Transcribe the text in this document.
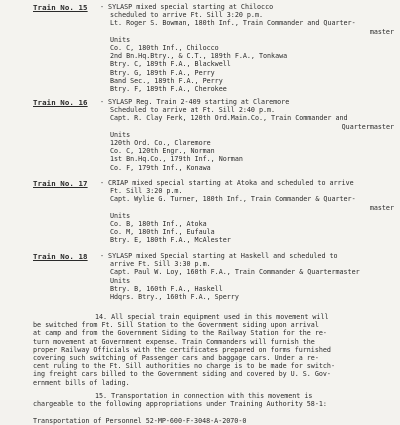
Train No. 15 - SYLASP mixed special starting at Chilocco
scheduled to arrive Ft. Sill 3:20 p.m.
Lt. Roger S. Bowman, 180th Inf., Train Commander and Quarter-
master
Units
Co. C, 180th Inf., Chilocco
2nd Bn.Hq.Btry., & C.T., 189th F.A., Tonkawa
Btry. C, 189th F.A., Blackwell
Btry. G, 189th F.A., Perry
Band Sec., 189th F.A., Perry
Btry. F, 189th F.A., Cherokee
Train No. 16 - SYLASP Reg. Train 2-409 starting at Claremore
Scheduled to arrive at Ft. Sill 2:40 p.m.
Capt. R. Clay Ferk, 120th Ord.Main.Co., Train Commander and
Quartermaster
Units
120th Ord. Co., Claremore
Co. C, 120th Engr., Norman
1st Bn.Hq.Co., 179th Inf., Norman
Co. F, 179th Inf., Konawa
Train No. 17 - CRIAP mixed special starting at Atoka and scheduled to arrive
Ft. Sill 3:20 p.m.
Capt. Wylie G. Turner, 180th Inf., Train Commander & Quarter-
master
Units
Co. B, 180th Inf., Atoka
Co. M, 180th Inf., Eufaula
Btry. E, 180th F.A., McAlester
Train No. 18 - SYLASP mixed Special starting at Haskell and scheduled to
arrive Ft. Sill 3:30 p.m.
Capt. Paul W. Loy, 160th F.A., Train Commander & Quartermaster
Units
Btry. B, 160th F.A., Haskell
Hdqrs. Btry., 160th F.A., Sperry
14. All special train equipment used in this movement will
be switched from Ft. Sill Station to the Government siding upon arrival
at camp and from the Government Siding to the Railway Station for the re-
turn movement at Government expense. Train Commanders will furnish the
proper Railway Officials with the certificates prepared on forms furnished
covering such switching of Passenger cars and baggage cars. Under a re-
cent ruling to the Ft. Sill authorities no charge is to be made for switch-
ing freight cars billed to the Government siding and covered by U. S. Gov-
ernment bills of lading.
15. Transportation in connection with this movement is
chargeable to the following appropriations under Training Authority 58-1:
Transportation of Personnel 52-MP-600-F-3048-A-2070-0
